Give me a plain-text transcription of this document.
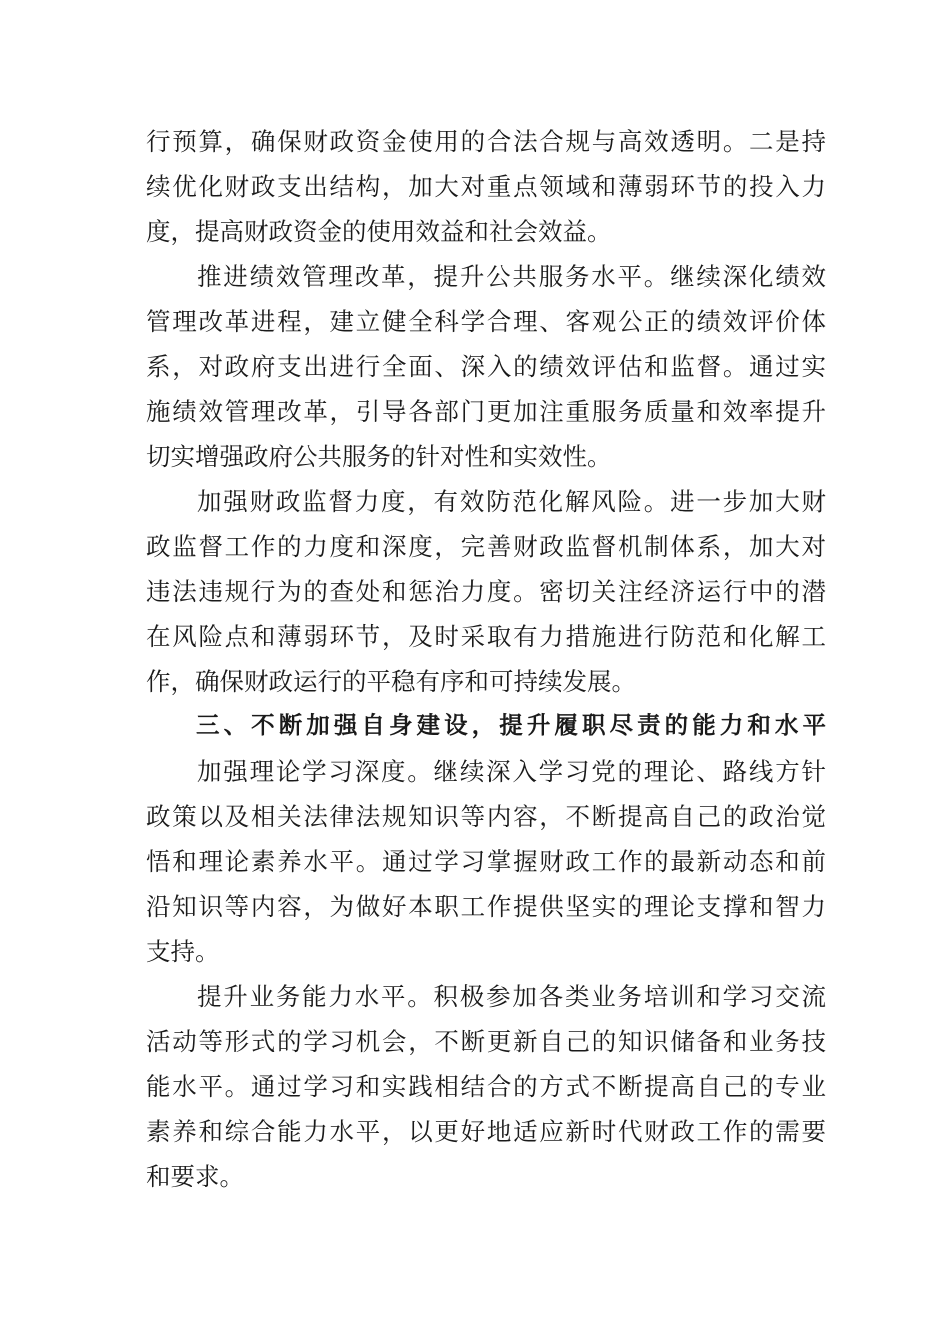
行预算，确保财政资金使用的合法合规与高效透明。二是持
续优化财政支出结构，加大对重点领域和薄弱环节的投入力
度，提高财政资金的使用效益和社会效益。
推进绩效管理改革，提升公共服务水平。继续深化绩效
管理改革进程，建立健全科学合理、客观公正的绩效评价体
系，对政府支出进行全面、深入的绩效评估和监督。通过实
施绩效管理改革，引导各部门更加注重服务质量和效率提升
切实增强政府公共服务的针对性和实效性。
加强财政监督力度，有效防范化解风险。进一步加大财
政监督工作的力度和深度，完善财政监督机制体系，加大对
违法违规行为的查处和惩治力度。密切关注经济运行中的潜
在风险点和薄弱环节，及时采取有力措施进行防范和化解工
作，确保财政运行的平稳有序和可持续发展。
三、不断加强自身建设，提升履职尽责的能力和水平
加强理论学习深度。继续深入学习党的理论、路线方针
政策以及相关法律法规知识等内容，不断提高自己的政治觉
悟和理论素养水平。通过学习掌握财政工作的最新动态和前
沿知识等内容，为做好本职工作提供坚实的理论支撑和智力
支持。
提升业务能力水平。积极参加各类业务培训和学习交流
活动等形式的学习机会，不断更新自己的知识储备和业务技
能水平。通过学习和实践相结合的方式不断提高自己的专业
素养和综合能力水平，以更好地适应新时代财政工作的需要
和要求。
